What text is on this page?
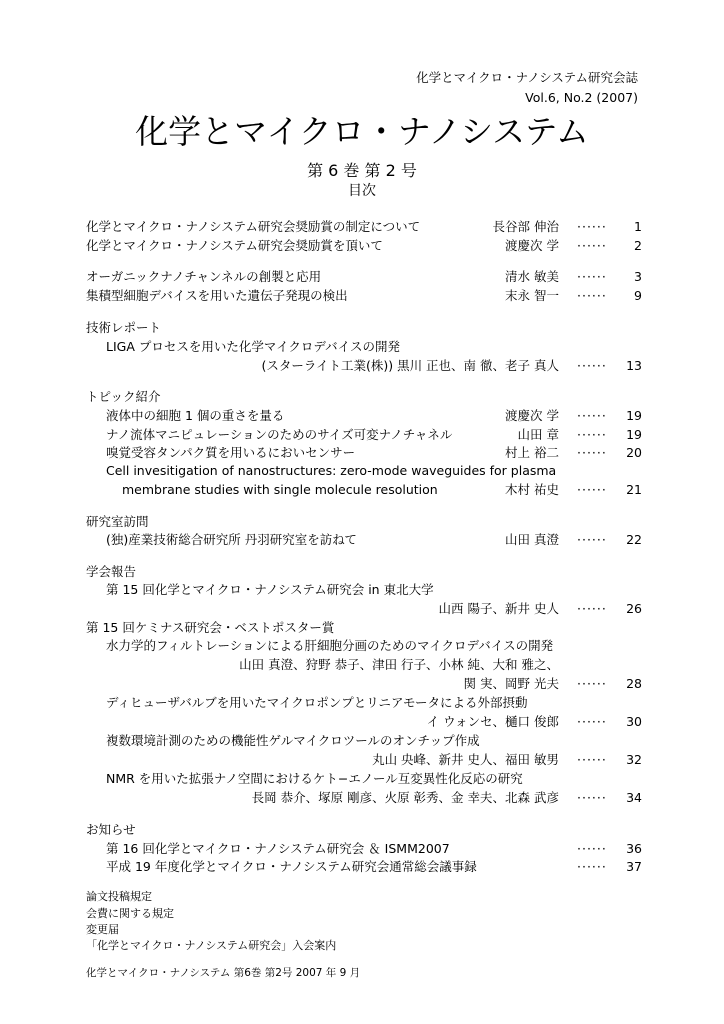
化学とマイクロ・ナノシステム研究会誌
Vol.6, No.2 (2007)
化学とマイクロ・ナノシステム
第 6 巻 第 2 号
目次
化学とマイクロ・ナノシステム研究会奨励賞の制定について	長谷部 伸治 ······	1
化学とマイクロ・ナノシステム研究会奨励賞を頂いて	渡慶次 学 ······	2
オーガニックナノチャンネルの創製と応用	清水 敏美 ······	3
集積型細胞デバイスを用いた遺伝子発現の検出	末永 智一 ······	9
技術レポート
LIGA プロセスを用いた化学マイクロデバイスの開発
(スターライト工業(株)) 黒川 正也、南 徹、老子 真人 ······	13
トピック紹介
液体中の細胞 1 個の重さを量る	渡慶次 学 ······	19
ナノ流体マニピュレーションのためのサイズ可変ナノチャネル	山田 章 ······	19
嗅覚受容タンパク質を用いるにおいセンサー	村上 裕二 ······	20
Cell invesitigation of nanostructures: zero-mode waveguides for plasma
membrane studies with single molecule resolution	木村 祐史 ······	21
研究室訪問
(独)産業技術総合研究所 丹羽研究室を訪ねて	山田 真澄 ······	22
学会報告
第 15 回化学とマイクロ・ナノシステム研究会 in 東北大学
山西 陽子、新井 史人 ······	26
第 15 回ケミナス研究会・ベストポスター賞
水力学的フィルトレーションによる肝細胞分画のためのマイクロデバイスの開発
山田 真澄、狩野 恭子、津田 行子、小林 純、大和 雅之、
関 実、岡野 光夫 ······	28
ディヒューザバルブを用いたマイクロポンプとリニアモータによる外部摂動
イ ウォンセ、樋口 俊郎 ······	30
複数環境計測のための機能性ゲルマイクロツールのオンチップ作成
丸山 央峰、新井 史人、福田 敏男 ······	32
NMR を用いた拡張ナノ空間におけるケト−エノール互変異性化反応の研究
長岡 恭介、塚原 剛彦、火原 彰秀、金 幸夫、北森 武彦 ······	34
お知らせ
第 16 回化学とマイクロ・ナノシステム研究会 ＆ ISMM2007	······	36
平成 19 年度化学とマイクロ・ナノシステム研究会通常総会議事録	······	37
論文投稿規定
会費に関する規定
変更届
「化学とマイクロ・ナノシステム研究会」入会案内
化学とマイクロ・ナノシステム 第6巻 第2号 2007 年 9 月
